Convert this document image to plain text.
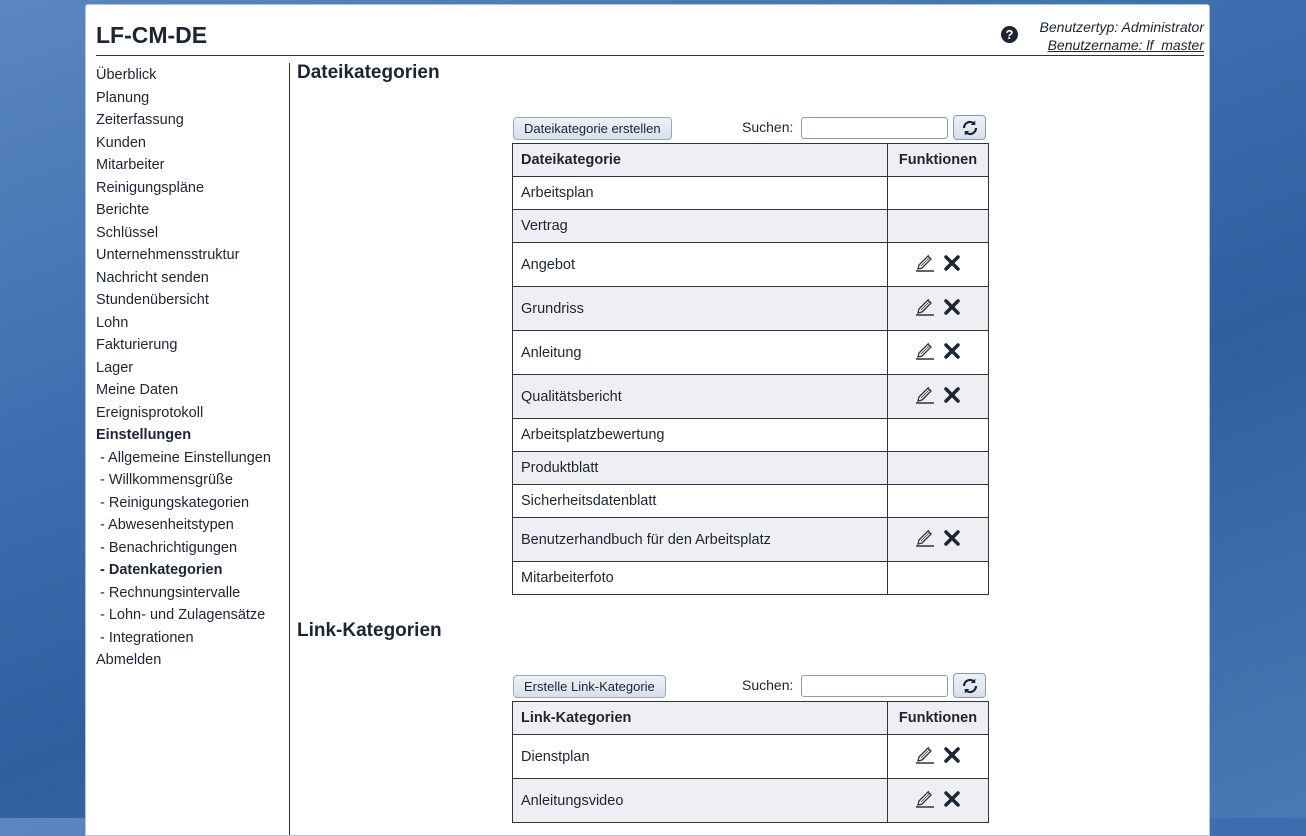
LF-CM-DE	?	Benutzertyp: Administrator
Benutzername: lf_master
Überblick
Planung
Zeiterfassung
Kunden
Mitarbeiter
Reinigungspläne
Berichte
Schlüssel
Unternehmensstruktur
Nachricht senden
Stundenübersicht
Lohn
Fakturierung
Lager
Meine Daten
Ereignisprotokoll
Einstellungen
- Allgemeine Einstellungen
- Willkommensgrüße
- Reinigungskategorien
- Abwesenheitstypen
- Benachrichtigungen
- Datenkategorien
- Rechnungsintervalle
- Lohn- und Zulagensätze
- Integrationen
Abmelden
Dateikategorien
Dateikategorie erstellen	Suchen:
Dateikategorie	Funktionen
Arbeitsplan	
Vertrag	
Angebot	

Grundriss	

Anleitung	

Qualitätsbericht	

Arbeitsplatzbewertung	
Produktblatt	
Sicherheitsdatenblatt	
Benutzerhandbuch für den Arbeitsplatz	

Mitarbeiterfoto	
Link-Kategorien
Erstelle Link-Kategorie	Suchen:
Link-Kategorien	Funktionen
Dienstplan	

Anleitungsvideo	
